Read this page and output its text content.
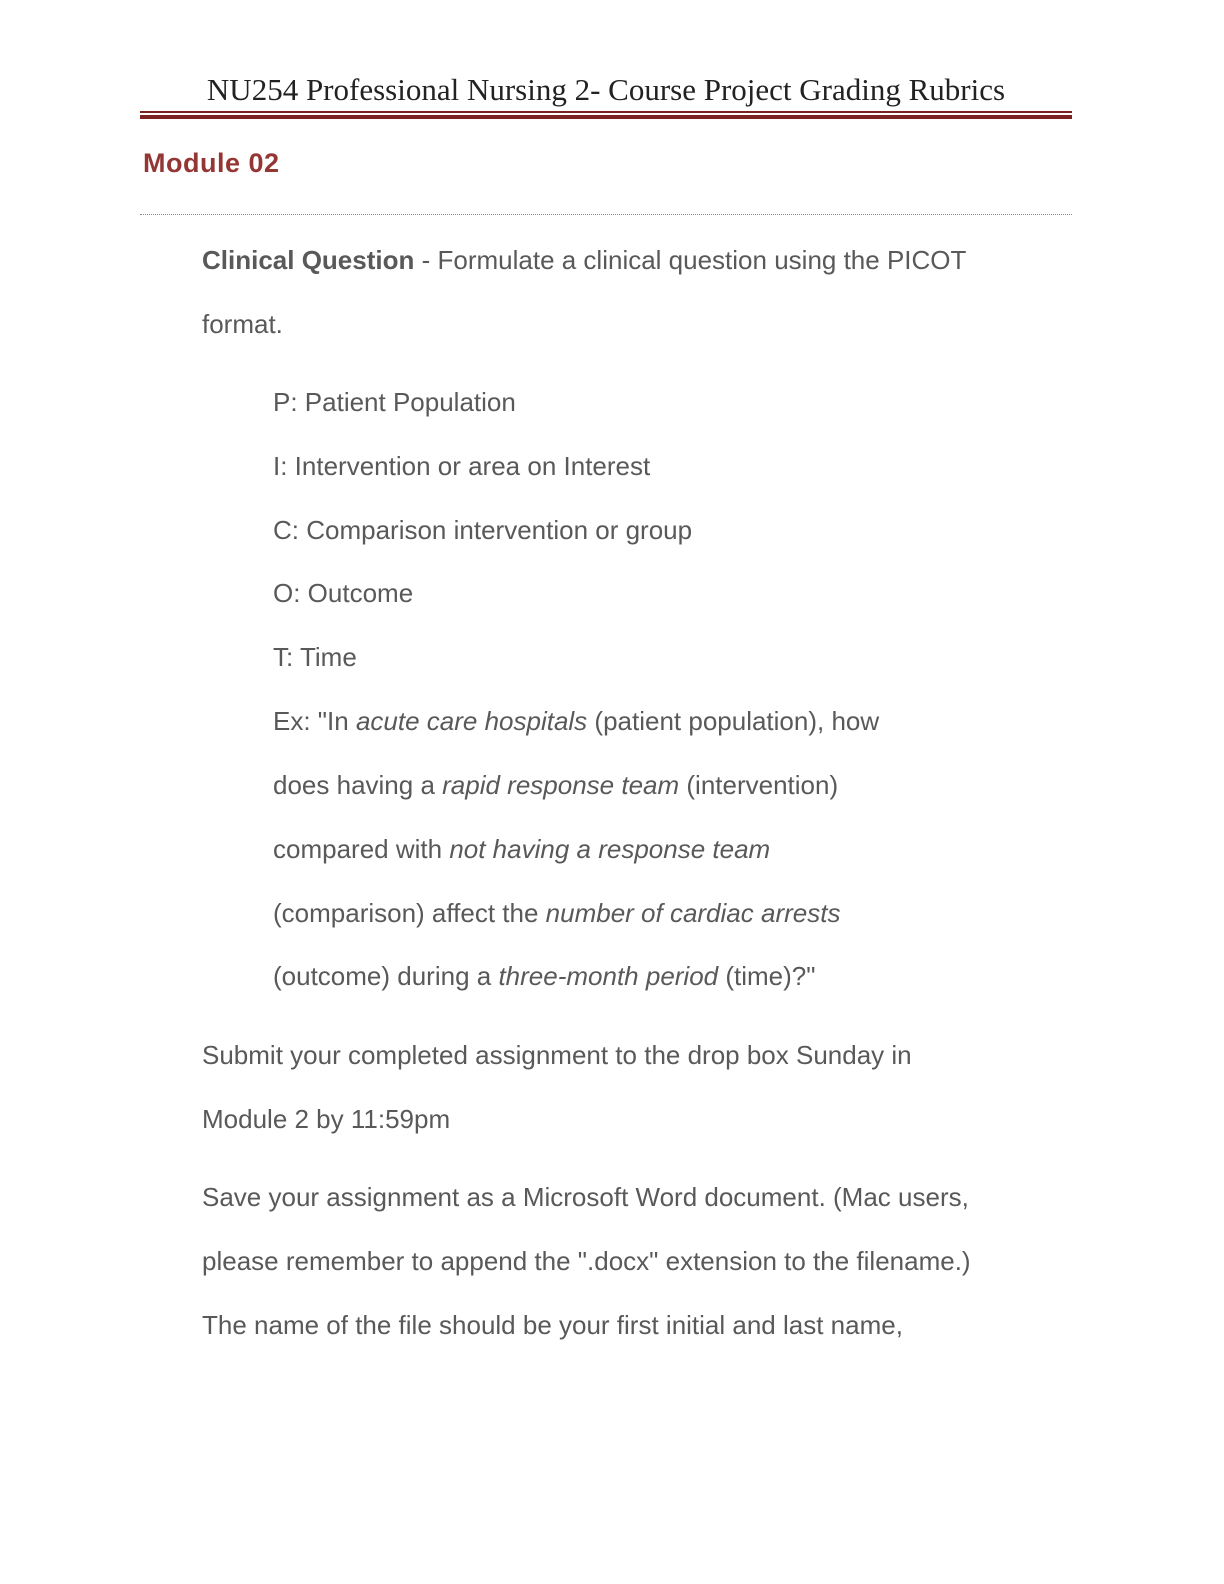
NU254 Professional Nursing 2- Course Project Grading Rubrics
Module 02
Clinical Question - Formulate a clinical question using the PICOT
format.
P: Patient Population
I: Intervention or area on Interest
C: Comparison intervention or group
O: Outcome
T: Time
Ex: "In acute care hospitals (patient population), how
does having a rapid response team (intervention)
compared with not having a response team
(comparison) affect the number of cardiac arrests
(outcome) during a three-month period (time)?"
Submit your completed assignment to the drop box Sunday in
Module 2 by 11:59pm
Save your assignment as a Microsoft Word document. (Mac users,
please remember to append the ".docx" extension to the filename.)
The name of the file should be your first initial and last name,
